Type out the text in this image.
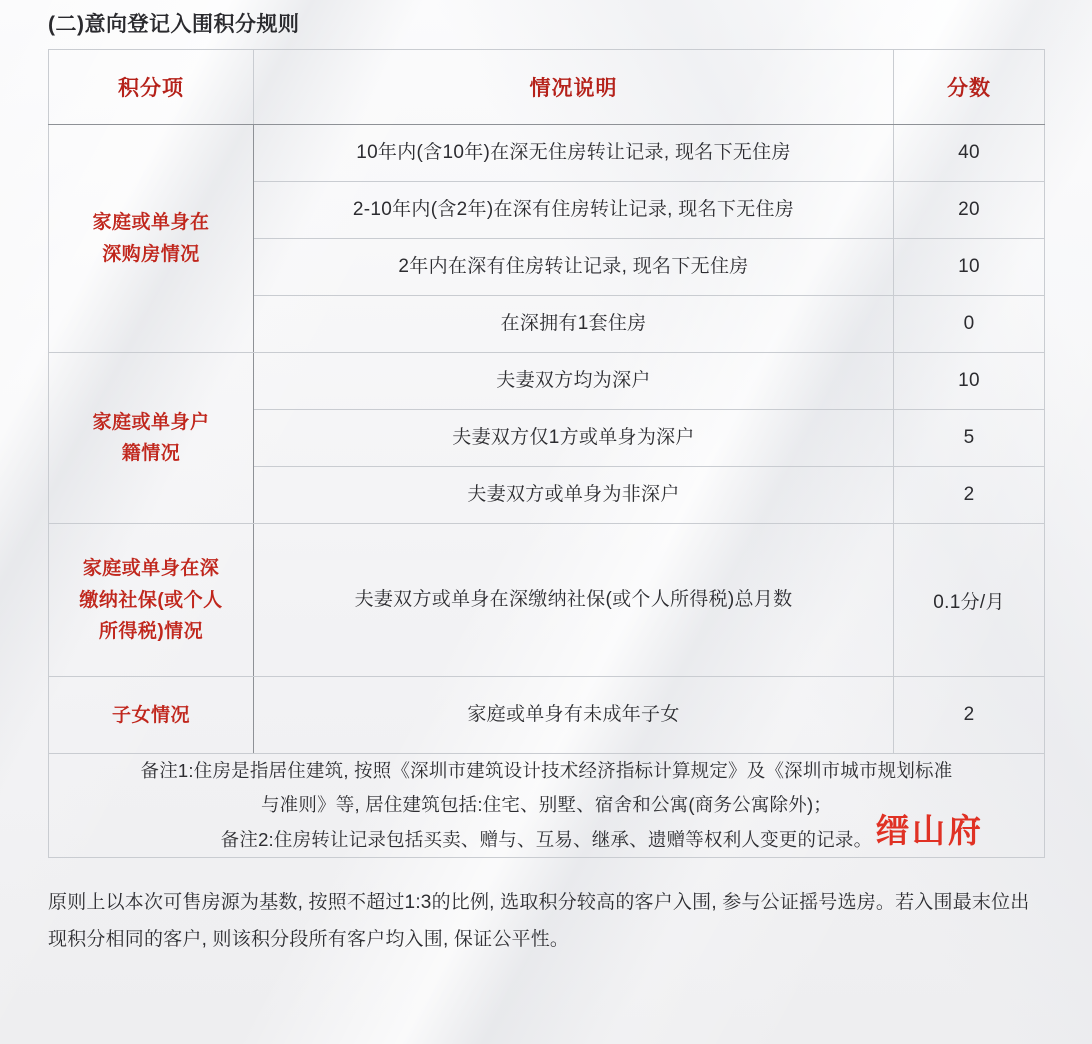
(二)意向登记入围积分规则
积分项	情况说明	分数

家庭或单身在
深购房情况	10年内(含10年)在深无住房转让记录, 现名下无住房	40
	2-10年内(含2年)在深有住房转让记录, 现名下无住房	20
	2年内在深有住房转让记录, 现名下无住房	10
	在深拥有1套住房	0

家庭或单身户
籍情况	夫妻双方均为深户	10
	夫妻双方仅1方或单身为深户	5
	夫妻双方或单身为非深户	2

家庭或单身在深
缴纳社保(或个人
所得税)情况	夫妻双方或单身在深缴纳社保(或个人所得税)总月数	0.1分/月

子女情况	家庭或单身有未成年子女	2

备注1:住房是指居住建筑, 按照《深圳市建筑设计技术经济指标计算规定》及《深圳市城市规划标准
与准则》等, 居住建筑包括:住宅、别墅、宿舍和公寓(商务公寓除外)；
备注2:住房转让记录包括买卖、赠与、互易、继承、遗赠等权利人变更的记录。 缙山府		
原则上以本次可售房源为基数, 按照不超过1:3的比例, 选取积分较高的客户入围, 参与公证摇号选房。若入围最末位出现积分相同的客户, 则该积分段所有客户均入围, 保证公平性。
